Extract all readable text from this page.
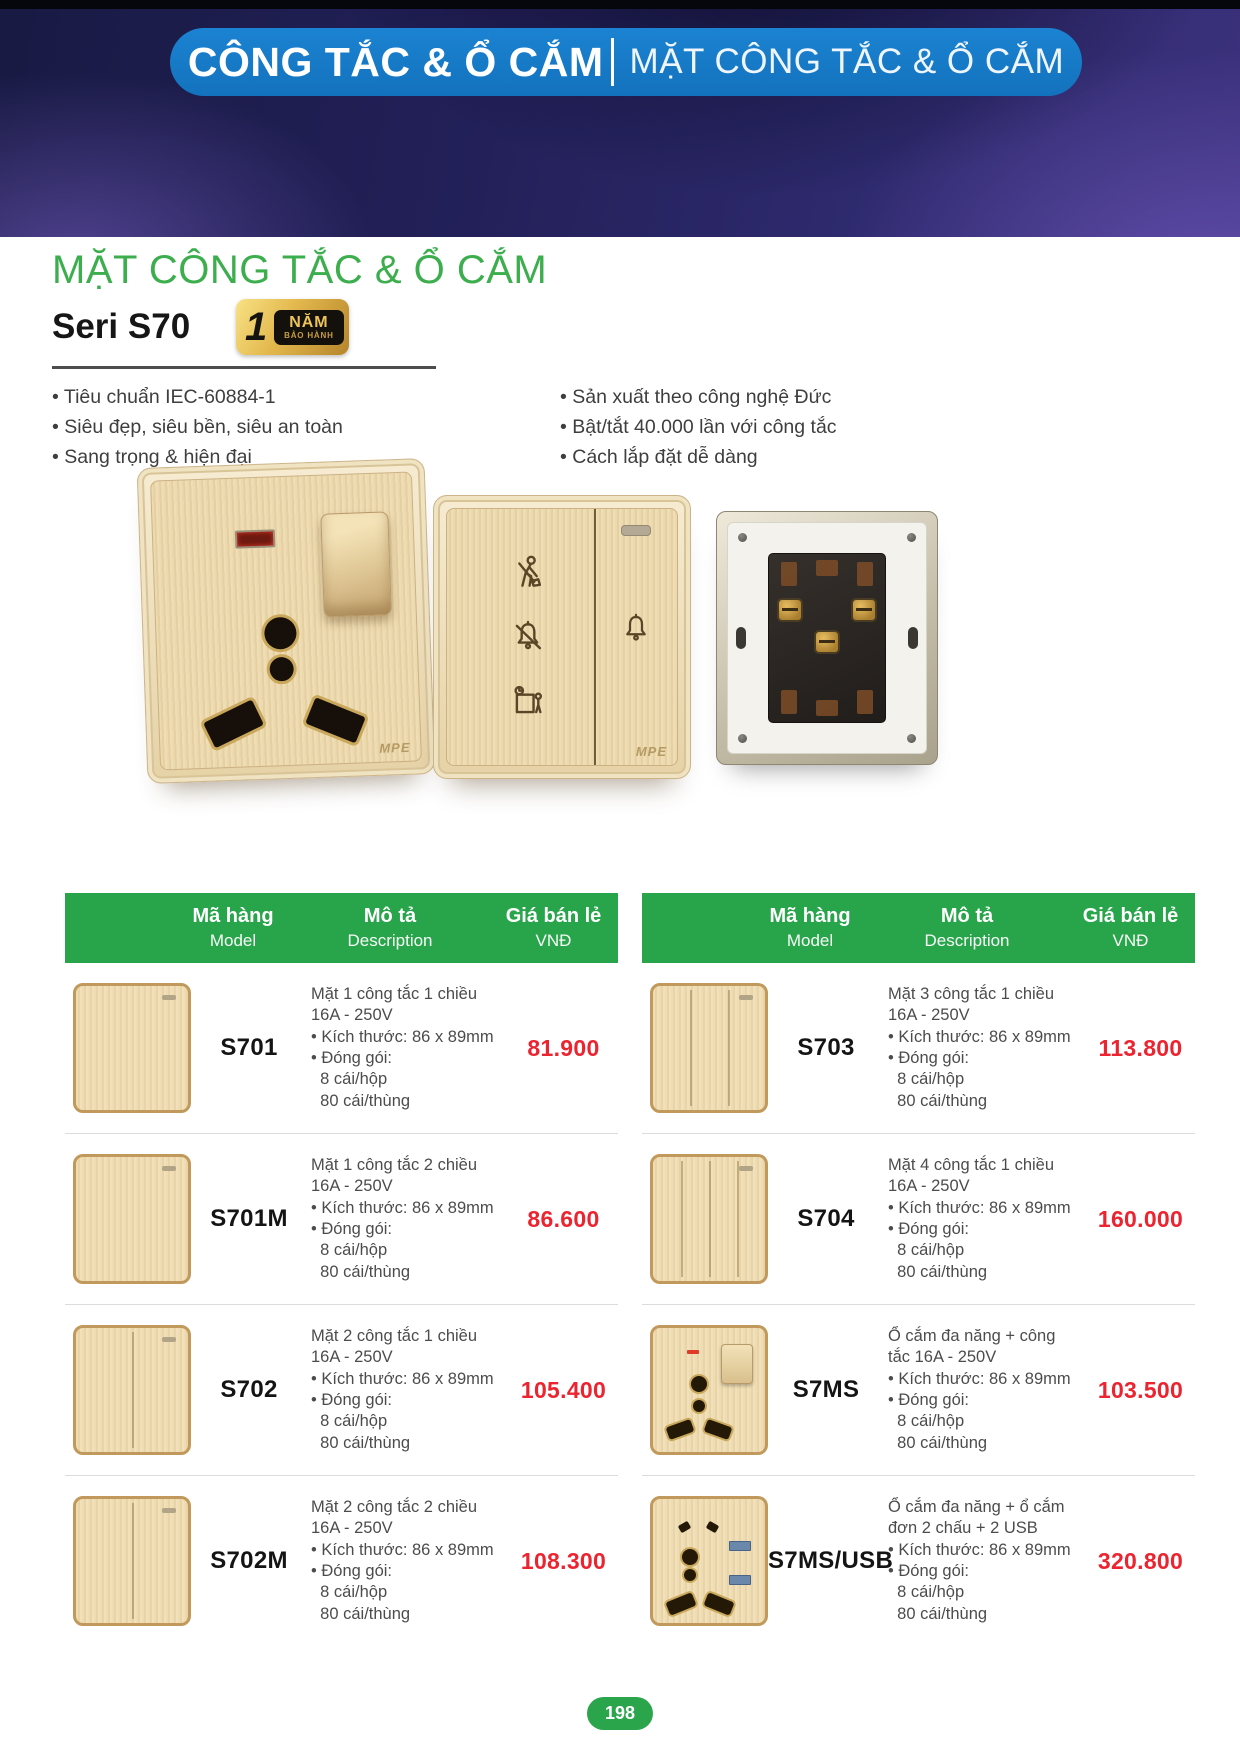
CÔNG TẮC & Ổ CẮM MẶT CÔNG TẮC & Ổ CẮM
MẶT CÔNG TẮC & Ổ CẮM
Seri S70 1	NĂM
BẢO HÀNH
• Tiêu chuẩn IEC-60884-1
• Siêu đẹp, siêu bền, siêu an toàn
• Sang trọng & hiện đại
• Sản xuất theo công nghệ Đức
• Bật/tắt 40.000 lần với công tắc
• Cách lắp đặt dễ dàng
MPE	MPE
Mã hàng
Model
Mô tả
Description
Giá bán lẻ
VNĐ
S701
Mặt 1 công tắc 1 chiều
16A - 250V
• Kích thước: 86 x 89mm
• Đóng gói:
8 cái/hộp
80 cái/thùng
81.900
S701M
Mặt 1 công tắc 2 chiều
16A - 250V
• Kích thước: 86 x 89mm
• Đóng gói:
8 cái/hộp
80 cái/thùng
86.600
S702
Mặt 2 công tắc 1 chiều
16A - 250V
• Kích thước: 86 x 89mm
• Đóng gói:
8 cái/hộp
80 cái/thùng
105.400
S702M
Mặt 2 công tắc 2 chiều
16A - 250V
• Kích thước: 86 x 89mm
• Đóng gói:
8 cái/hộp
80 cái/thùng
108.300
Mã hàng
Model
Mô tả
Description
Giá bán lẻ
VNĐ
S703
Mặt 3 công tắc 1 chiều
16A - 250V
• Kích thước: 86 x 89mm
• Đóng gói:
8 cái/hộp
80 cái/thùng
113.800
S704
Mặt 4 công tắc 1 chiều
16A - 250V
• Kích thước: 86 x 89mm
• Đóng gói:
8 cái/hộp
80 cái/thùng
160.000
S7MS
Ổ cắm đa năng + công
tắc 16A - 250V
• Kích thước: 86 x 89mm
• Đóng gói:
8 cái/hộp
80 cái/thùng
103.500
S7MS/USB
Ổ cắm đa năng + ổ cắm
đơn 2 chấu + 2 USB
• Kích thước: 86 x 89mm
• Đóng gói:
8 cái/hộp
80 cái/thùng
320.800
198
